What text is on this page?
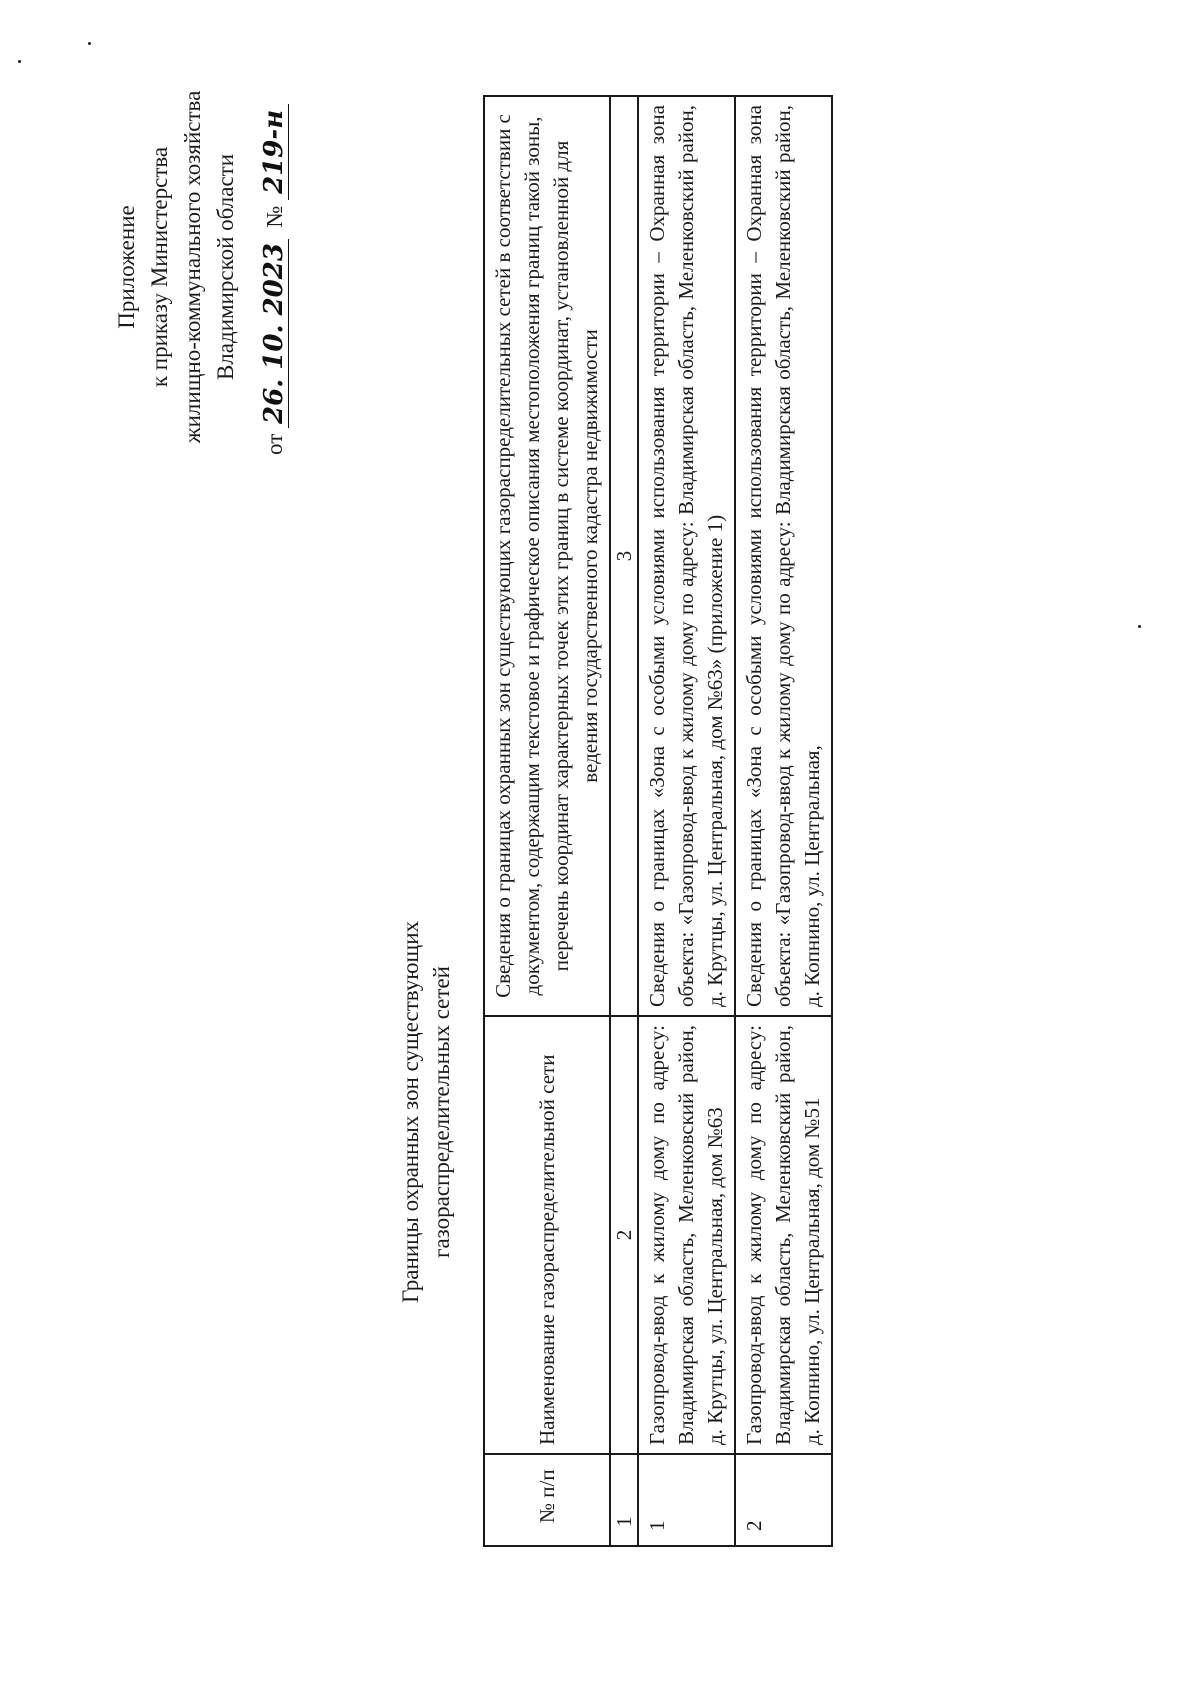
Приложение к приказу Министерства жилищно-коммунального хозяйства Владимирской области
от 26. 10. 2023  № 219-н
Границы охранных зон существующих газораспределительных сетей
№ п/п	Наименование газораспределительной сети	Сведения о границах охранных зон существующих газораспределительных сетей в соответствии с документом, содержащим текстовое и графическое описания местоположения границ такой зоны, перечень координат характерных точек этих границ в системе координат, установленной для ведения государственного кадастра недвижимости
1	2	3
1	Газопровод-ввод к жилому дому по адресу: Владимирская область, Меленковский район, д. Крутцы, ул. Центральная, дом №63	Сведения о границах «Зона с особыми условиями использования территории – Охранная зона объекта: «Газопровод-ввод к жилому дому по адресу: Владимирская область, Меленковский район, д. Крутцы, ул. Центральная, дом №63» (приложение 1)
2	Газопровод-ввод к жилому дому по адресу: Владимирская область, Меленковский район, д. Копнино, ул. Центральная, дом №51	Сведения о границах «Зона с особыми условиями использования территории – Охранная зона объекта: «Газопровод-ввод к жилому дому по адресу: Владимирская область, Меленковский район, д. Копнино, ул. Центральная,
